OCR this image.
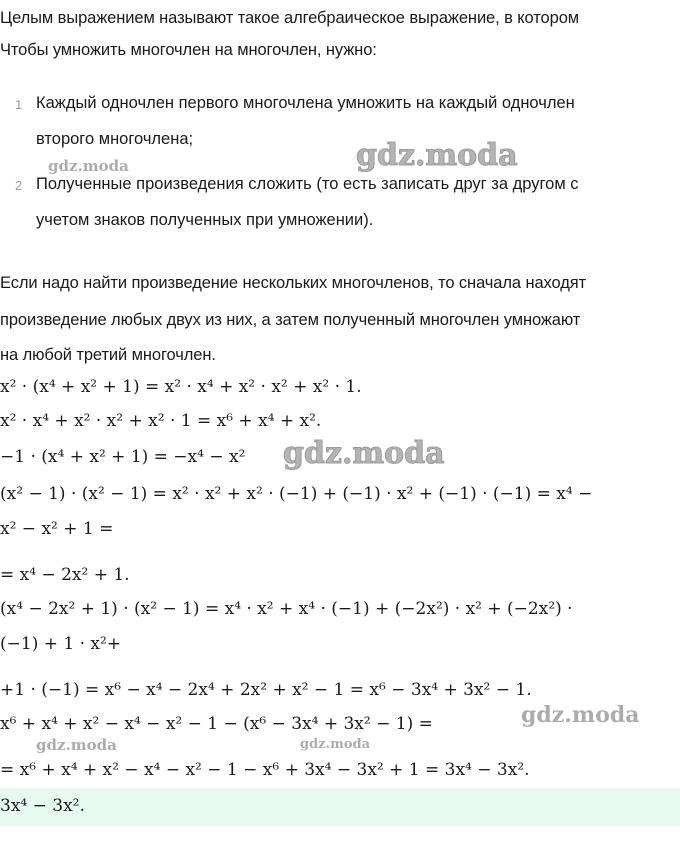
Целым выражением называют такое алгебраическое выражение, в котором
Чтобы умножить многочлен на многочлен, нужно:
1 Каждый одночлен первого многочлена умножить на каждый одночлен
второго многочлена;
2 Полученные произведения сложить (то есть записать друг за другом с
учетом знаков полученных при умножении).
Если надо найти произведение нескольких многочленов, то сначала находят
произведение любых двух из них, а затем полученный многочлен умножают
на любой третий многочлен.
x² · (x⁴ + x² + 1) = x² · x⁴ + x² · x² + x² · 1.
x² · x⁴ + x² · x² + x² · 1 = x⁶ + x⁴ + x².
−1 · (x⁴ + x² + 1) = −x⁴ − x²
(x² − 1) · (x² − 1) = x² · x² + x² · (−1) + (−1) · x² + (−1) · (−1) = x⁴ −
x² − x² + 1 =
= x⁴ − 2x² + 1.
(x⁴ − 2x² + 1) · (x² − 1) = x⁴ · x² + x⁴ · (−1) + (−2x²) · x² + (−2x²) ·
(−1) + 1 · x²+
+1 · (−1) = x⁶ − x⁴ − 2x⁴ + 2x² + x² − 1 = x⁶ − 3x⁴ + 3x² − 1.
x⁶ + x⁴ + x² − x⁴ − x² − 1 − (x⁶ − 3x⁴ + 3x² − 1) =
= x⁶ + x⁴ + x² − x⁴ − x² − 1 − x⁶ + 3x⁴ − 3x² + 1 = 3x⁴ − 3x².
3x⁴ − 3x².
gdz.moda
gdz.moda
gdz.moda
gdz.moda
gdz.moda	gdz.moda
